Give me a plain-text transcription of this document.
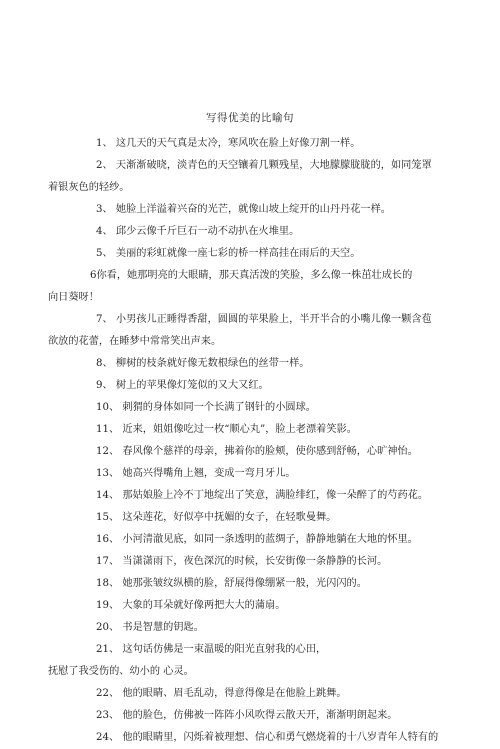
写得优美的比喻句
1、 这几天的天气真是太冷，寒风吹在脸上好像刀割一样。
2、 天渐渐破晓，淡青色的天空镶着几颗残星，大地朦朦胧胧的，如同笼罩
着银灰色的轻纱。
3、 她脸上洋溢着兴奋的光芒，就像山坡上绽开的山丹丹花一样。
4、 邱少云像千斤巨石一动不动扒在火堆里。
5、 美丽的彩虹就像一座七彩的桥一样高挂在雨后的天空。
6你看，她那明亮的大眼睛，那天真活泼的笑脸，多么像一株茁壮成长的
向日葵呀！
7、 小男孩儿正睡得香甜，圆圆的苹果脸上，半开半合的小嘴儿像一颗含苞
欲放的花蕾，在睡梦中常常笑出声来。
8、 柳树的枝条就好像无数根绿色的丝带一样。
9、 树上的苹果像灯笼似的又大又红。
10、 刺猬的身体如同一个长满了钢针的小圆球。
11、 近来，姐姐像吃过一枚“顺心丸”，脸上老漂着笑影。
12、 春风像个慈祥的母亲，拂着你的脸颊，使你感到舒畅，心旷神怡。
13、 她高兴得嘴角上翘，变成一弯月牙儿。
14、 那姑娘脸上冷不丁地绽出了笑意，满脸绯红，像一朵醉了的芍药花。
15、 这朵莲花，好似亭中抚媚的女子，在轻歌曼舞。
16、 小河清澈见底，如同一条透明的蓝绸子，静静地躺在大地的怀里。
17、 当潇潇雨下，夜色深沉的时候，长安街像一条静静的长河。
18、 她那张皱纹纵横的脸，舒展得像绷紧一般，光闪闪的。
19、 大象的耳朵就好像两把大大的蒲扇。
20、 书是智慧的钥匙。
21、 这句话仿佛是一束温暖的阳光直射我的心田，
抚慰了我受伤的、幼小的 心灵。
22、 他的眼睛、眉毛乱动，得意得像是在他脸上跳舞。
23、 他的脸色，仿佛被一阵阵小风吹得云散天开，渐渐明朗起来。
24、 他的眼睛里，闪烁着被理想、信心和勇气燃烧着的十八岁青年人特有的
